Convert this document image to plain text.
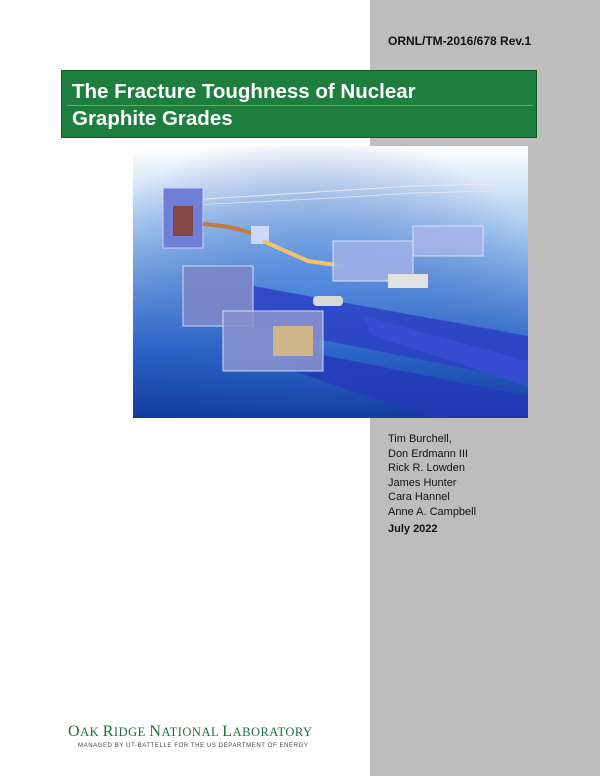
ORNL/TM-2016/678 Rev.1
The Fracture Toughness of Nuclear
Graphite Grades
Tim Burchell,
Don Erdmann III
Rick R. Lowden
James Hunter
Cara Hannel
Anne A. Campbell
July 2022
OAK RIDGE NATIONAL LABORATORY
MANAGED BY UT-BATTELLE FOR THE US DEPARTMENT OF ENERGY
